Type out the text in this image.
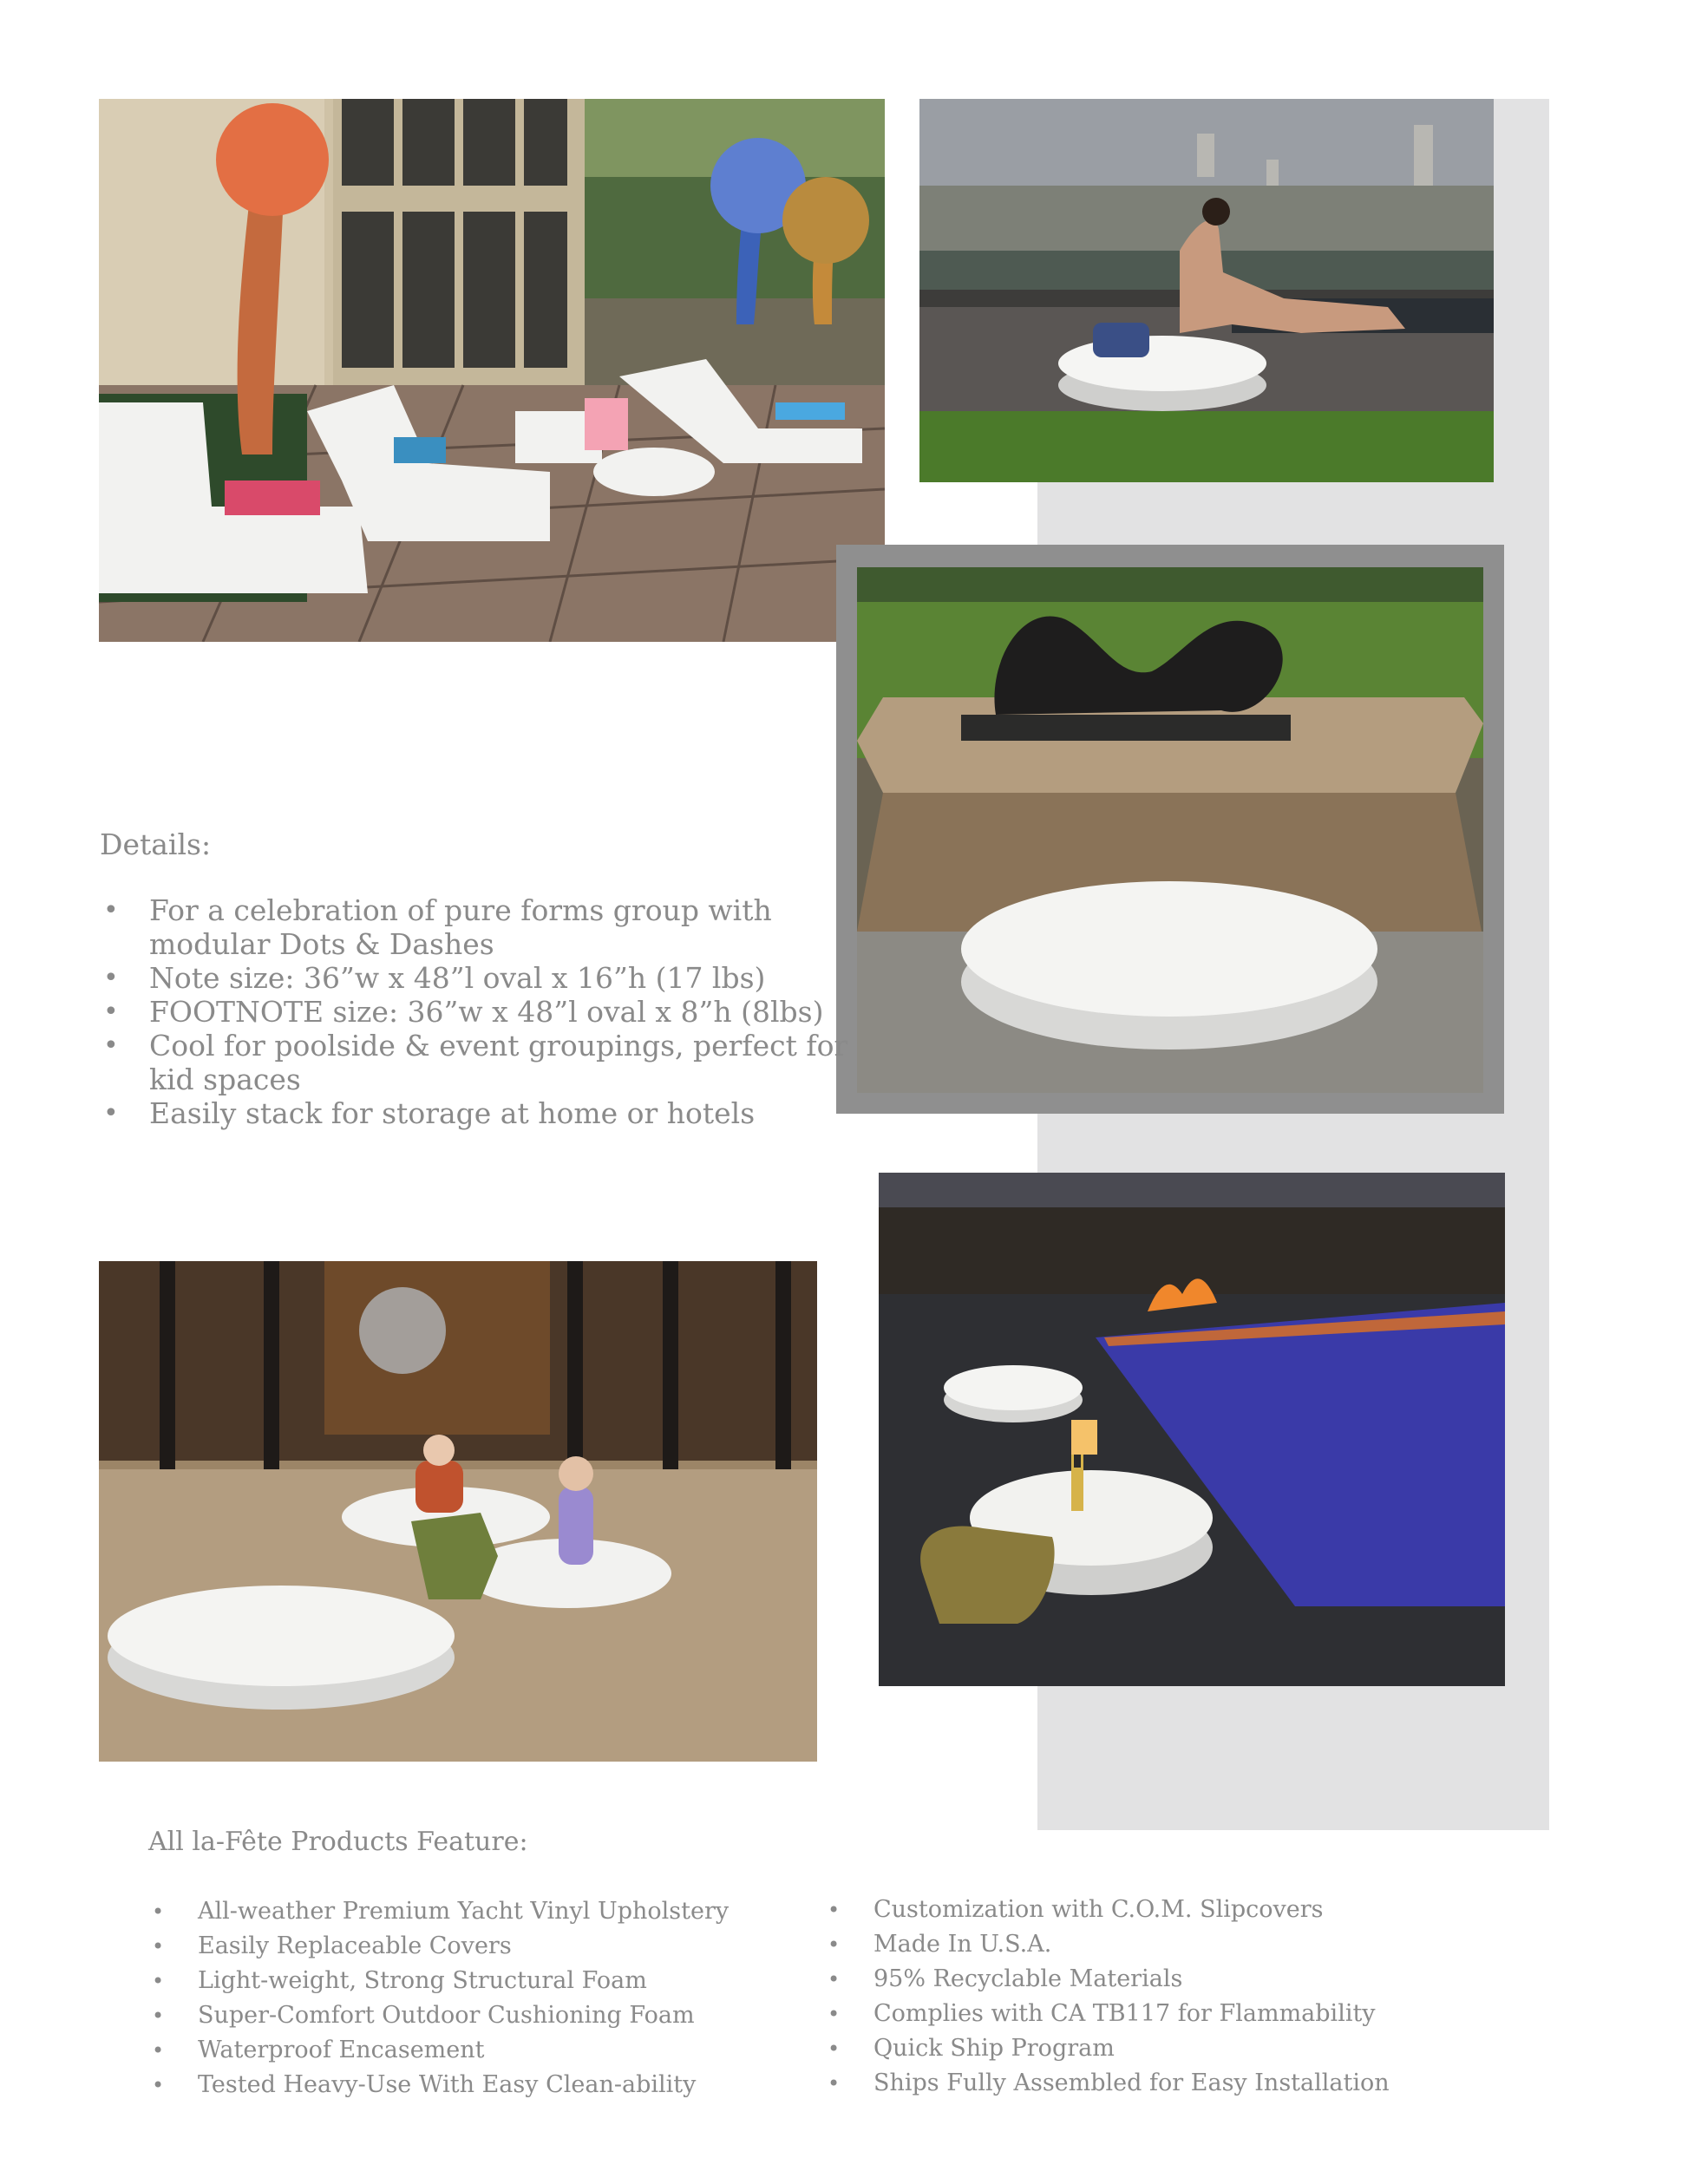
Details:
• For a celebration of pure forms group with modular Dots & Dashes
• Note size: 36”w x 48”l oval x 16”h (17 lbs)
• FOOTNOTE size: 36”w x 48”l oval x 8”h (8lbs)
• Cool for poolside & event groupings, perfect for kid spaces
• Easily stack for storage at home or hotels
All la-Fête Products Feature:
• All-weather Premium Yacht Vinyl Upholstery
• Easily Replaceable Covers
• Light-weight, Strong Structural Foam
• Super-Comfort Outdoor Cushioning Foam
• Waterproof Encasement
• Tested Heavy-Use With Easy Clean-ability
• Customization with C.O.M. Slipcovers
• Made In U.S.A.
• 95% Recyclable Materials
• Complies with CA TB117 for Flammability
• Quick Ship Program
• Ships Fully Assembled for Easy Installation
